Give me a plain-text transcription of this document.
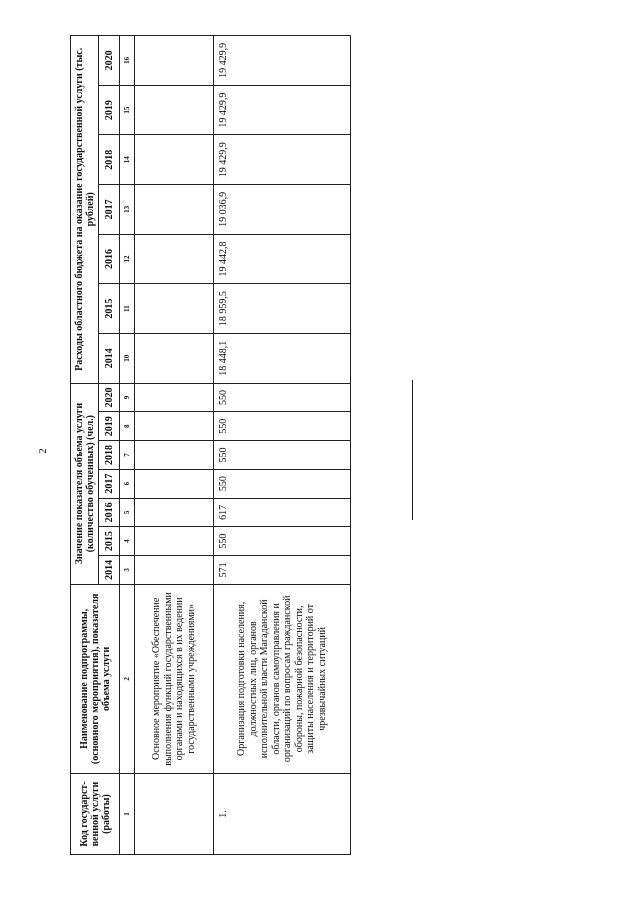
2
Код государст-венной услуги (работы)	Наименование подпрограммы, (основного мероприятия), показателя объема услуги	Значение показателя объема услуги (количество обученных) (чел.)							Расходы областного бюджета на оказание государственной услуги (тыс. рублей)						
		2014	2015	2016	2017	2018	2019	2020	2014	2015	2016	2017	2018	2019	2020
1	2	3	4	5	6	7	8	9	10	11	12	13	14	15	16
	Основное мероприятие «Обеспечение выполнения функций государственными органами и находящихся в их ведении государственными учреждениями»														
1.	Организация подготовки населения, должностных лиц, органов исполнительной власти Магаданской области, органов самоуправления и организаций по вопросам гражданской обороны, пожарной безопасности, защиты населения и территорий от чрезвычайных ситуаций	571	550	617	550	550	550	550	18 448,1	18 959,5	19 442,8	19 036,9	19 429,9	19 429,9	19 429,9
